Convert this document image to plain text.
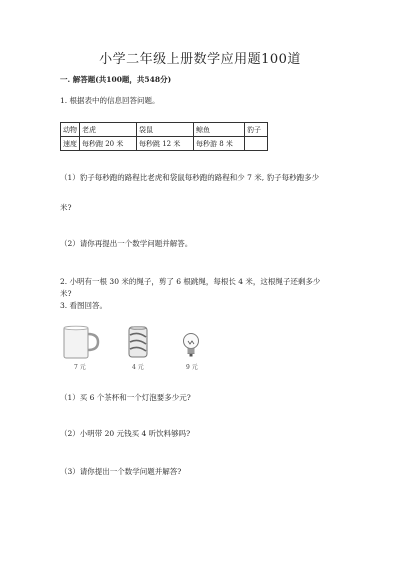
小学二年级上册数学应用题100道
一. 解答题(共100题，共548分)
1. 根据表中的信息回答问题。
动物	老虎	袋鼠	鲸鱼	豹子
速度	每秒跑 20 米	每秒跳 12 米	每秒游 8 米	
（1）豹子每秒跑的路程比老虎和袋鼠每秒跑的路程和少 7 米, 豹子每秒跑多少
米?
（2）请你再提出一个数学问题并解答。
2. 小明有一根 30 米的绳子，剪了 6 根跳绳，每根长 4 米，这根绳子还剩多少
米?
3. 看图回答。
7 元	4 元	9 元
（1）买 6 个茶杯和一个灯泡要多少元?
（2）小明带 20 元钱买 4 听饮料够吗?
（3）请你提出一个数学问题并解答?
